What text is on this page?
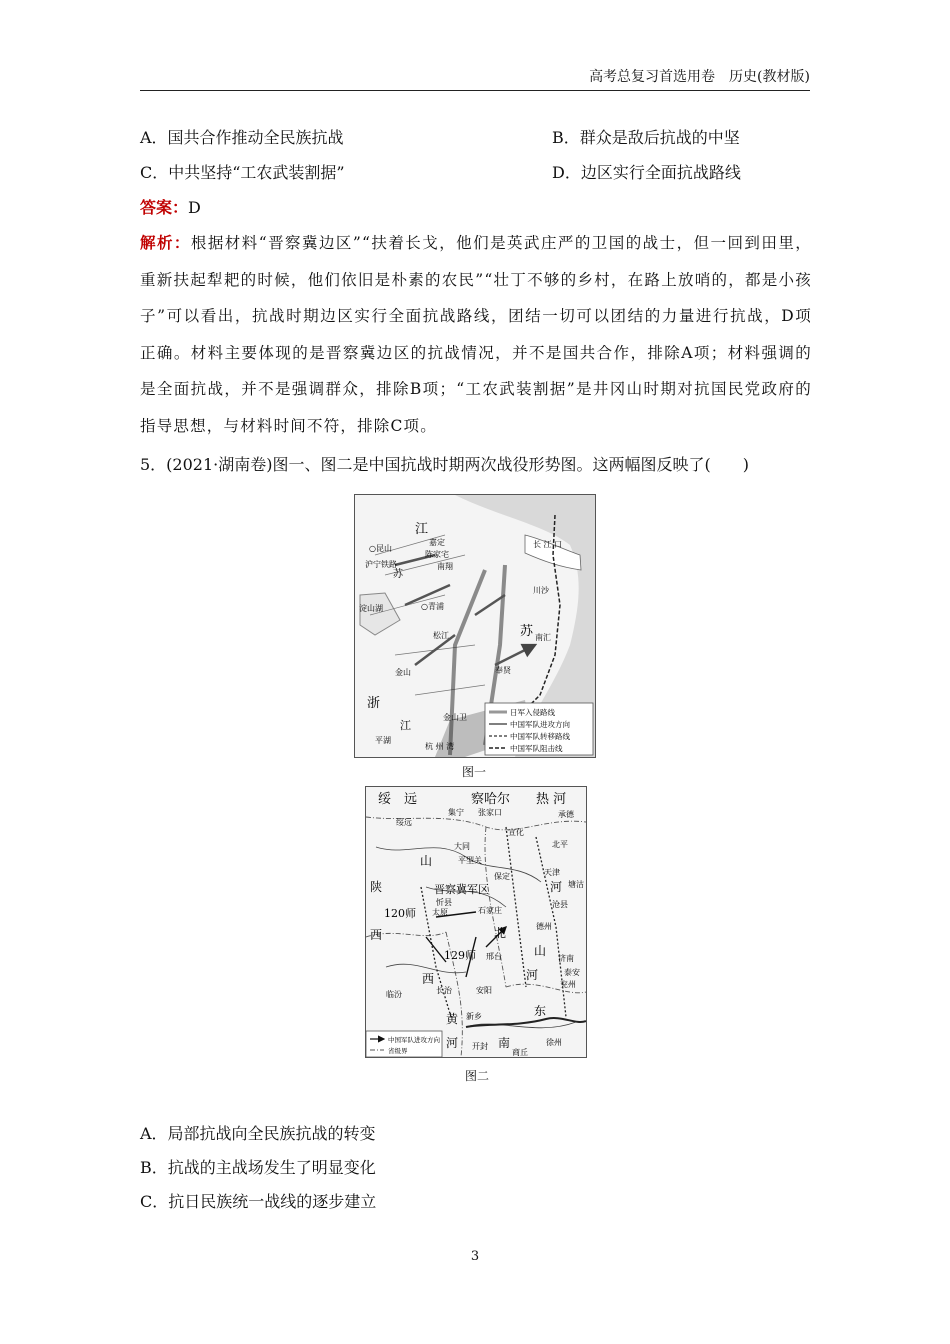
高考总复习首选用卷　历史(教材版)
A．国共合作推动全民族抗战	B．群众是敌后抗战的中坚
C．中共坚持“工农武装割据”	D．边区实行全面抗战路线
答案：D
解析：根据材料“晋察冀边区”“扶着长戈，他们是英武庄严的卫国的战士，但一回到田里，重新扶起犁耙的时候，他们依旧是朴素的农民”“壮丁不够的乡村，在路上放哨的，都是小孩子”可以看出，抗战时期边区实行全面抗战路线，团结一切可以团结的力量进行抗战，D项正确。材料主要体现的是晋察冀边区的抗战情况，并不是国共合作，排除A项；材料强调的是全面抗战，并不是强调群众，排除B项；“工农武装割据”是井冈山时期对抗国民党政府的指导思想，与材料时间不符，排除C项。
5．(2021·湖南卷)图一、图二是中国抗战时期两次战役形势图。这两幅图反映了(　　)
江
苏
苏
浙
江
○昆山
嘉定
陈家宅
南翔
○青浦
松江
金山
平湖
川沙
南汇
奉贤
金山卫
杭 州 湾
长 江 口
沪宁铁路
淀山湖
日军入侵路线
中国军队进攻方向
中国军队转移路线
中国军队阻击线
图一
绥　远	察哈尔 热 河
集宁 张家口	承德
绥远
宣化
大同	北平
天津
平型关
保定
晋察冀军区
山
西
陕
西
河
北
山
东
河
黄
河	南
120师
129师
太原
忻县
石家庄
德州
济南
临汾	长治	安阳
新乡
开封	徐州
商丘
泰安
兖州
沧县
塘沽
邢台
中国军队进攻方向
省级界
图二
A．局部抗战向全民族抗战的转变
B．抗战的主战场发生了明显变化
C．抗日民族统一战线的逐步建立
3
